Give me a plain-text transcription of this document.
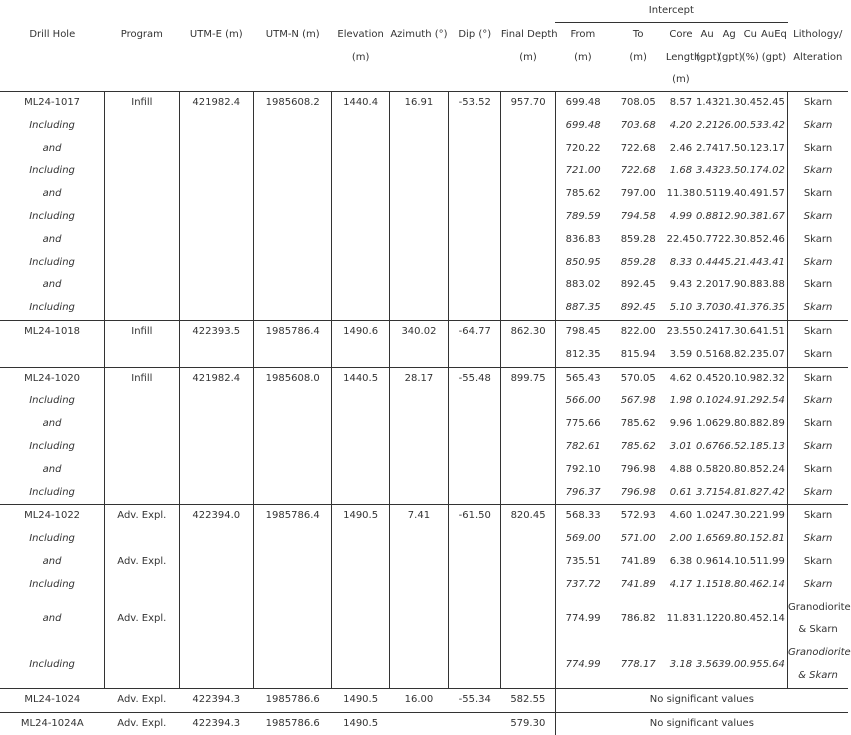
								Intercept							
Drill Hole	Program	UTM-E (m)	UTM-N (m)	Elevation	Azimuth (°)	Dip (°)	Final Depth	From	To	Core	Au	Ag	Cu	AuEq	Lithology/
				(m)			(m)	(m)	(m)	Length	(gpt)	(gpt)	(%)	(gpt)	Alteration
										(m)					
ML24-1017	Infill	421982.4	1985608.2	1440.4	16.91	-53.52	957.70	699.48	708.05	8.57	1.43	21.3	0.45	2.45	Skarn
Including								699.48	703.68	4.20	2.21	26.0	0.53	3.42	Skarn
and								720.22	722.68	2.46	2.74	17.5	0.12	3.17	Skarn
Including								721.00	722.68	1.68	3.43	23.5	0.17	4.02	Skarn
and								785.62	797.00	11.38	0.51	19.4	0.49	1.57	Skarn
Including								789.59	794.58	4.99	0.88	12.9	0.38	1.67	Skarn
and								836.83	859.28	22.45	0.77	22.3	0.85	2.46	Skarn
Including								850.95	859.28	8.33	0.44	45.2	1.44	3.41	Skarn
and								883.02	892.45	9.43	2.20	17.9	0.88	3.88	Skarn
Including								887.35	892.45	5.10	3.70	30.4	1.37	6.35	Skarn
ML24-1018	Infill	422393.5	1985786.4	1490.6	340.02	-64.77	862.30	798.45	822.00	23.55	0.24	17.3	0.64	1.51	Skarn
								812.35	815.94	3.59	0.51	68.8	2.23	5.07	Skarn
ML24-1020	Infill	421982.4	1985608.0	1440.5	28.17	-55.48	899.75	565.43	570.05	4.62	0.45	20.1	0.98	2.32	Skarn
Including								566.00	567.98	1.98	0.10	24.9	1.29	2.54	Skarn
and								775.66	785.62	9.96	1.06	29.8	0.88	2.89	Skarn
Including								782.61	785.62	3.01	0.67	66.5	2.18	5.13	Skarn
and								792.10	796.98	4.88	0.58	20.8	0.85	2.24	Skarn
Including								796.37	796.98	0.61	3.71	54.8	1.82	7.42	Skarn
ML24-1022	Adv. Expl.	422394.0	1985786.4	1490.5	7.41	-61.50	820.45	568.33	572.93	4.60	1.02	47.3	0.22	1.99	Skarn
Including								569.00	571.00	2.00	1.65	69.8	0.15	2.81	Skarn
and	Adv. Expl.							735.51	741.89	6.38	0.96	14.1	0.51	1.99	Skarn
Including								737.72	741.89	4.17	1.15	18.8	0.46	2.14	Skarn
and	Adv. Expl.							774.99	786.82	11.83	1.12	20.8	0.45	2.14	Granodiorite & Skarn
Including								774.99	778.17	3.18	3.56	39.0	0.95	5.64	Granodiorite & Skarn
ML24-1024	Adv. Expl.	422394.3	1985786.6	1490.5	16.00	-55.34	582.55	No significant values							
ML24-1024A	Adv. Expl.	422394.3	1985786.6	1490.5			579.30	No significant values							
